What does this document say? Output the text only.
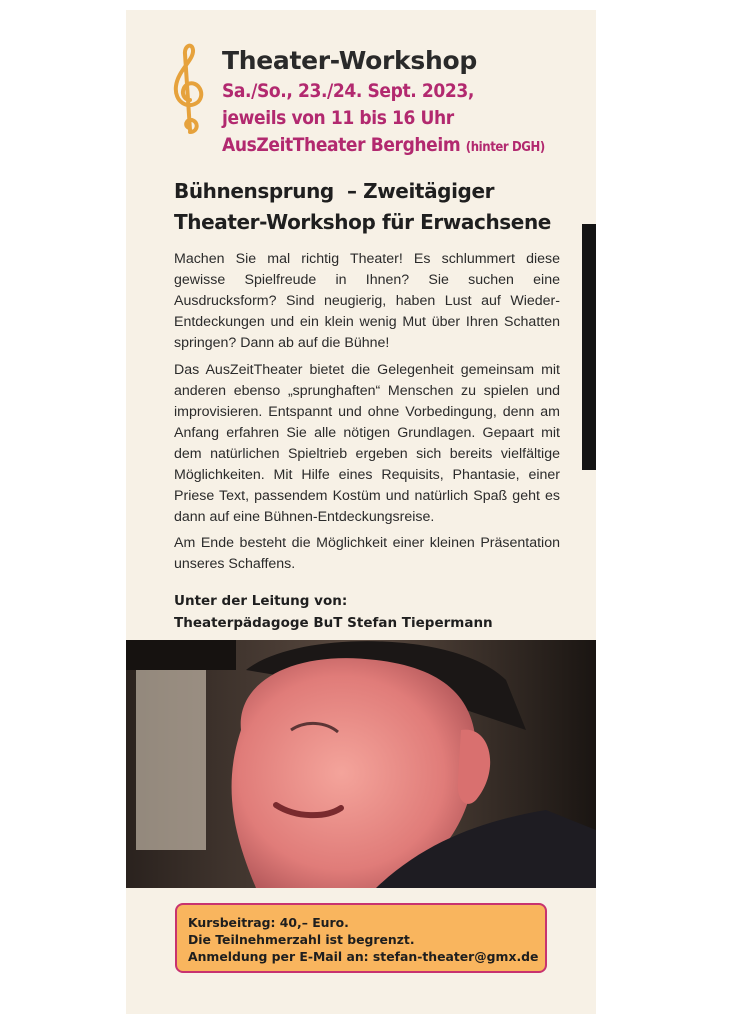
Theater-Workshop
Sa./So., 23./24. Sept. 2023,
jeweils von 11 bis 16 Uhr
AusZeitTheater Bergheim (hinter DGH)
Bühnensprung  – Zweitägiger
Theater-Workshop für Erwachsene

Machen Sie mal richtig Theater! Es schlummert diese gewisse Spielfreude in Ihnen? Sie suchen eine Ausdrucksform? Sind neugierig, haben Lust auf Wieder-Entdeckungen und ein klein wenig Mut über Ihren Schatten springen? Dann ab auf die Bühne!

Das AusZeitTheater bietet die Gelegenheit gemeinsam mit anderen ebenso „sprunghaften“ Menschen zu spielen und improvisieren. Entspannt und ohne Vorbedingung, denn am Anfang erfahren Sie alle nötigen Grundlagen. Gepaart mit dem natürlichen Spieltrieb ergeben sich bereits vielfältige Möglichkeiten. Mit Hilfe eines Requisits, Phantasie, einer Priese Text, passendem Kostüm und natürlich Spaß geht es dann auf eine Bühnen-Entdeckungsreise.

Am Ende besteht die Möglichkeit einer kleinen Präsentation unseres Schaffens.

Unter der Leitung von:
Theaterpädagoge BuT Stefan Tiepermann
Kursbeitrag: 40,– Euro.
Die Teilnehmerzahl ist begrenzt.
Anmeldung per E-Mail an: stefan-theater@gmx.de
